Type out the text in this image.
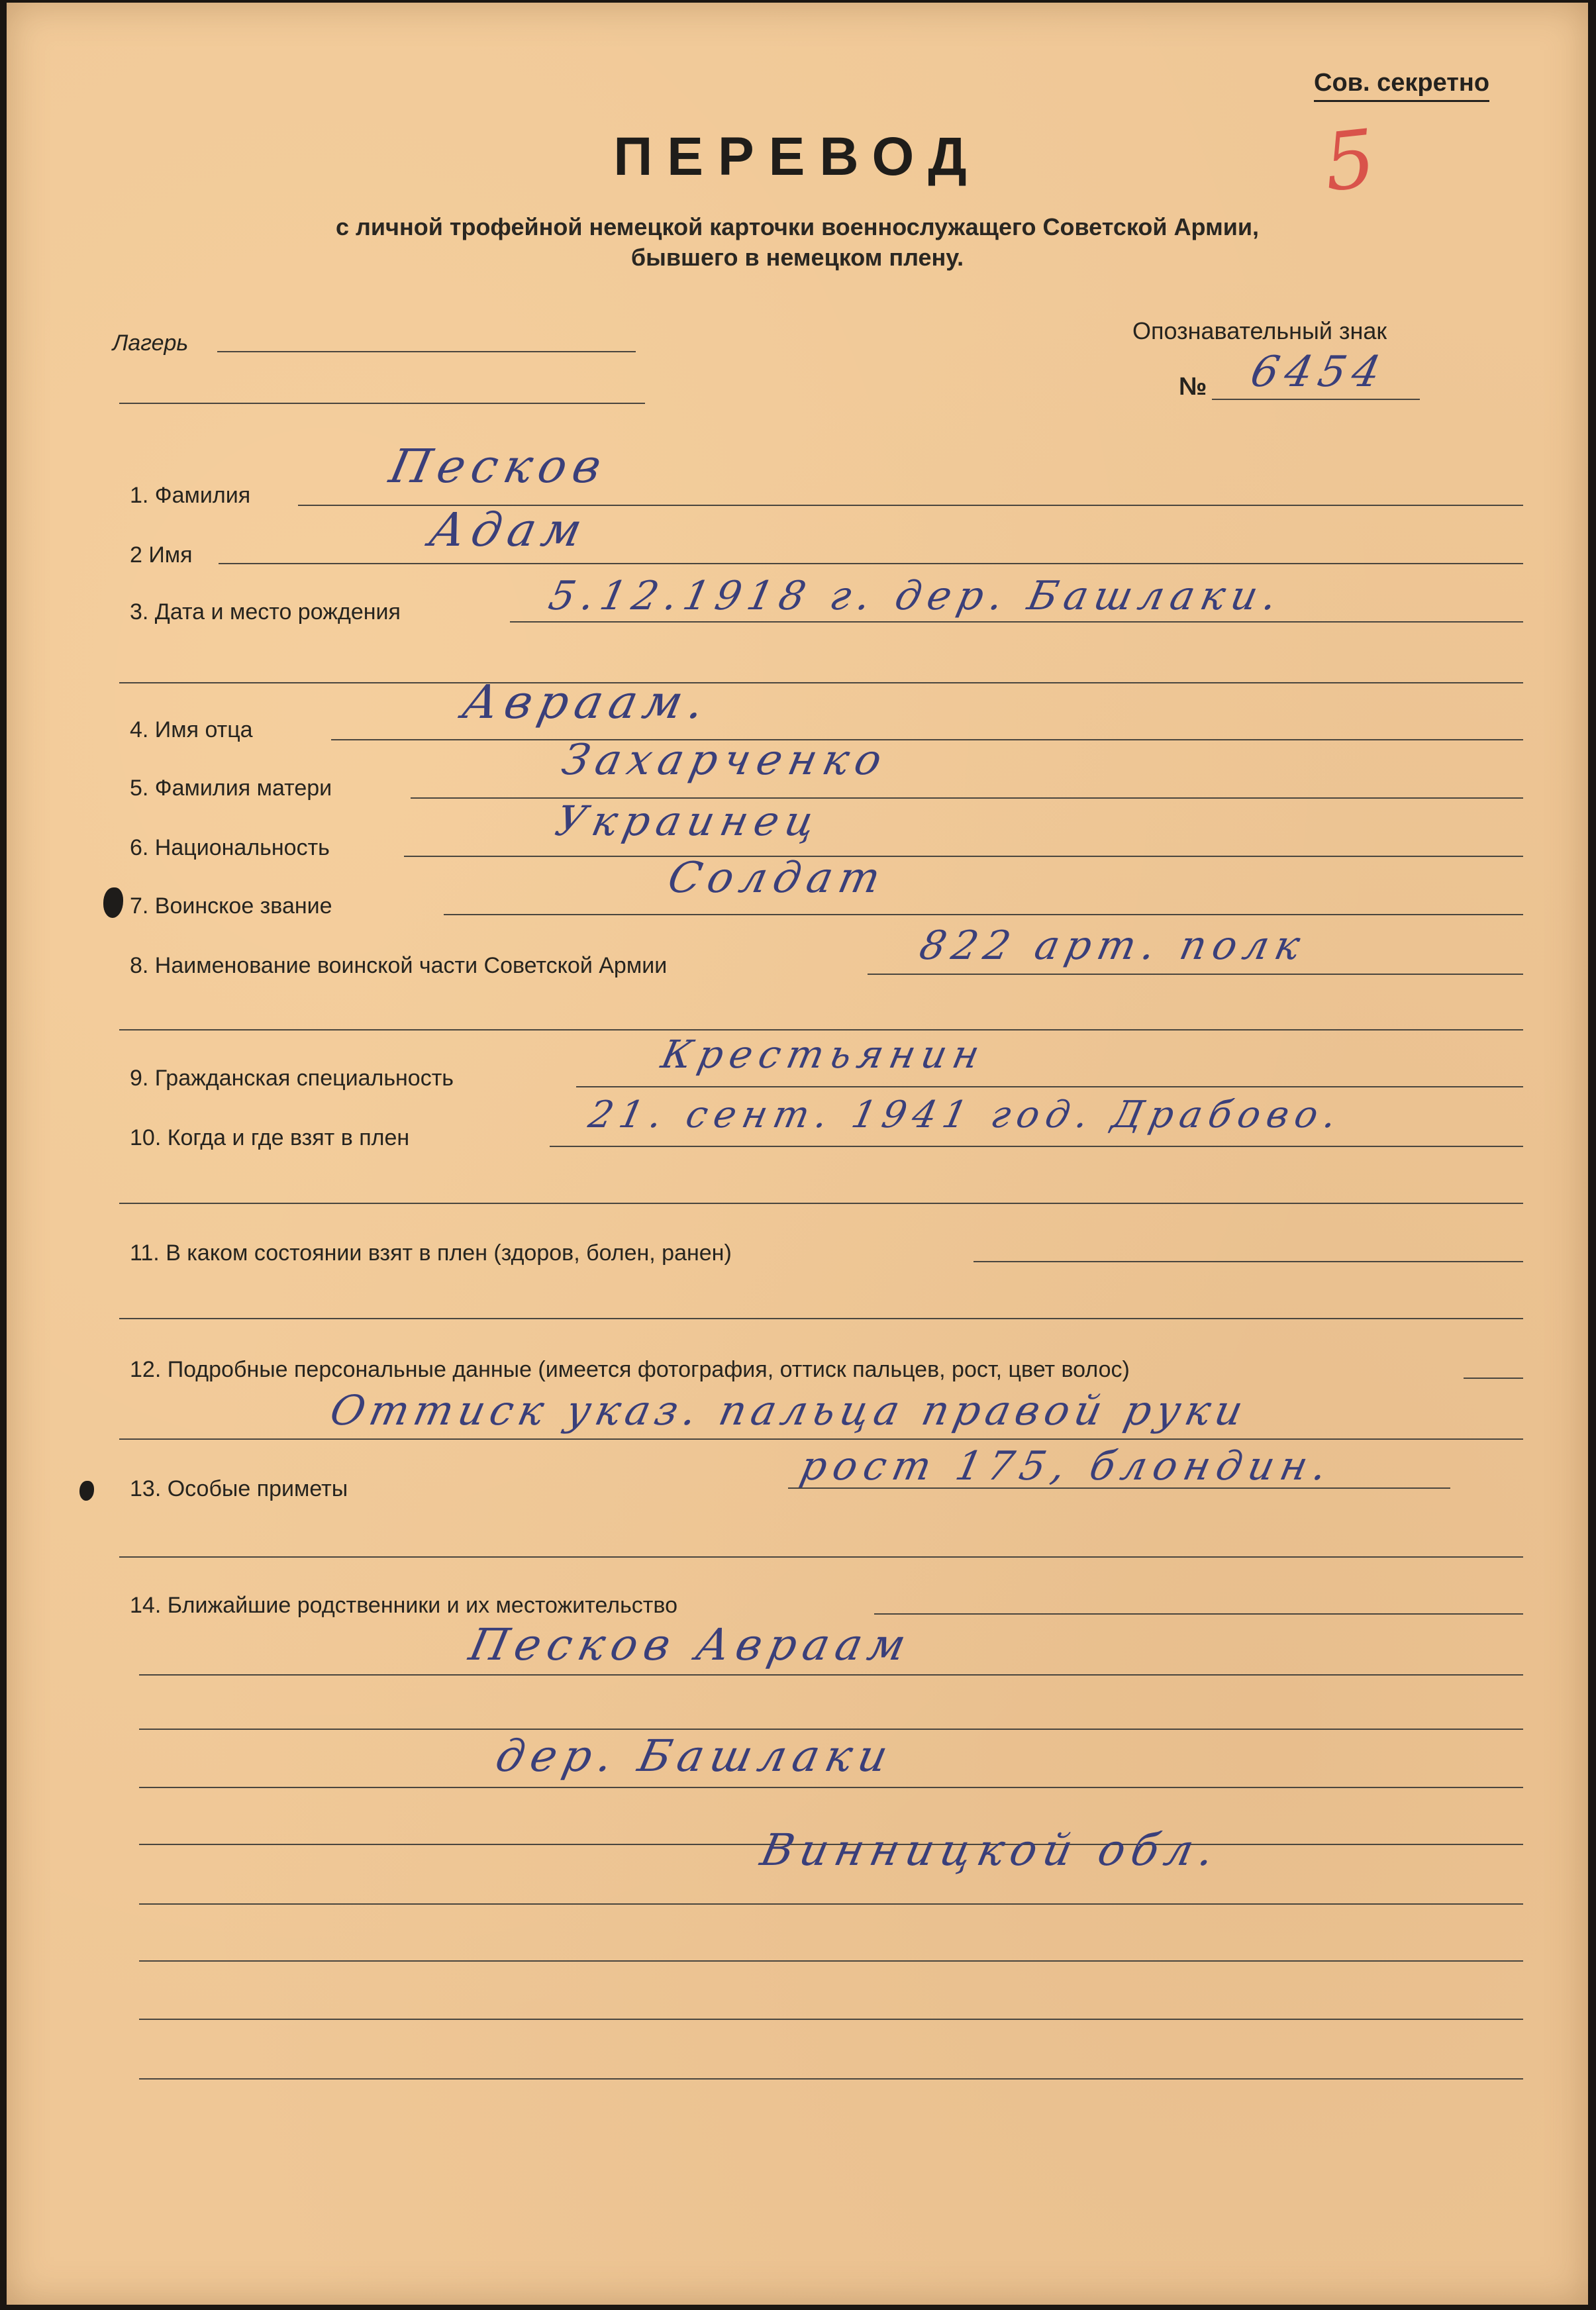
Сов. секретно
5
ПЕРЕВОД
с личной трофейной немецкой карточки военнослужащего Советской Армии,
бывшего в немецком плену.
Лагерь	Опознавательный знак
№ 6454
1. Фамилия
Песков
2 Имя	Адам
3. Дата и место рождения	5.12.1918 г. дер. Башлаки.
4. Имя отца
Авраам.
5. Фамилия матери
Захарченко
6. Национальность
Украинец
7. Воинское звание
Солдат
8. Наименование воинской части Советской Армии	822 арт. полк
9. Гражданская специальность
Крестьянин
10. Когда и где взят в плен
21. сент. 1941 год. Драбово.
11. В каком состоянии взят в плен (здоров, болен, ранен)
12. Подробные персональные данные (имеется фотография, оттиск пальцев, рост, цвет волос)
Оттиск указ. пальца правой руки
13. Особые приметы	рост 175, блондин.
14. Ближайшие родственники и их местожительство
Песков Авраам
дер. Башлаки
Винницкой обл.
